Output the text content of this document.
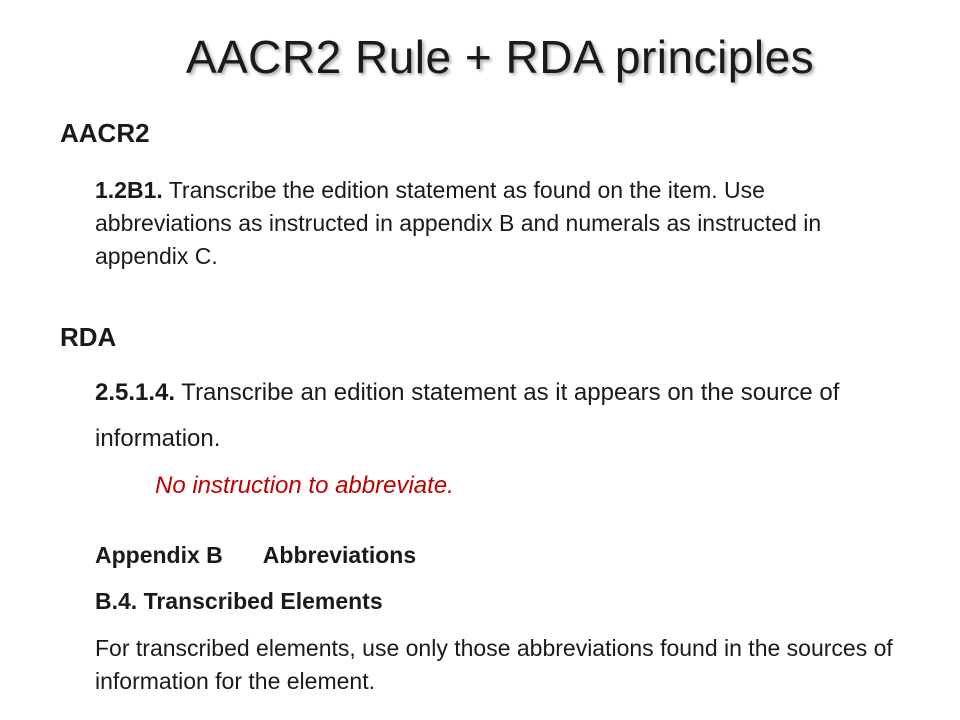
AACR2 Rule + RDA principles
AACR2
1.2B1. Transcribe the edition statement as found on the item. Use abbreviations as instructed in appendix B and numerals as instructed in appendix C.
RDA
2.5.1.4. Transcribe an edition statement as it appears on the source of information.
No instruction to abbreviate.
Appendix B Abbreviations
B.4. Transcribed Elements
For transcribed elements, use only those abbreviations found in the sources of information for the element.
